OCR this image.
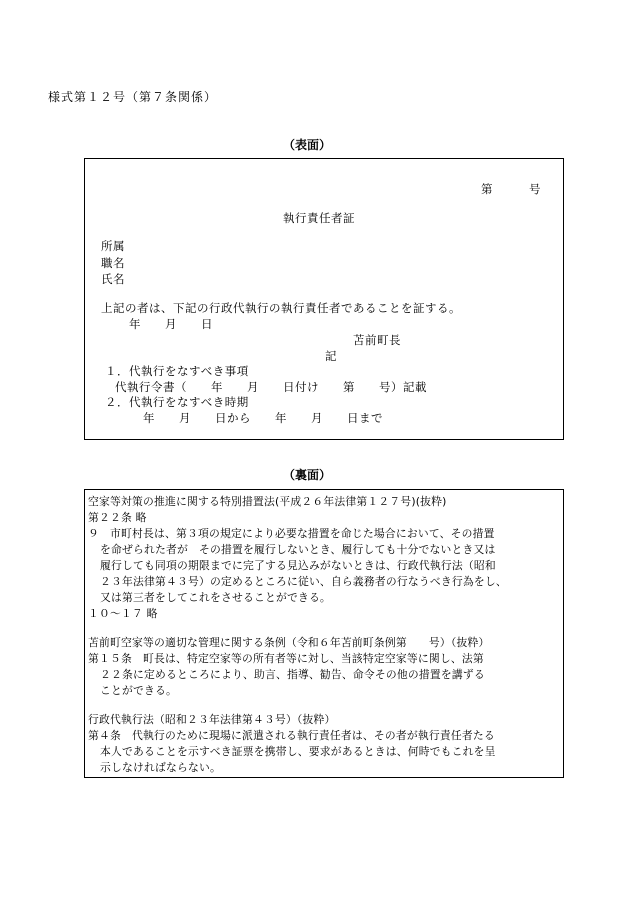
様式第１２号（第７条関係）
（表面）
第　　　号
執行責任者証
所属
職名
氏名
上記の者は、下記の行政代執行の執行責任者であることを証する。
年　　月　　日
苫前町長
記
１．代執行をなすべき事項
代執行令書（　　年　　月　　日付け　　第　　号）記載
２．代執行をなすべき時期
年　　月　　日から　　年　　月　　日まで
（裏面）
空家等対策の推進に関する特別措置法(平成２６年法律第１２７号)(抜粋)
第２２条 略
９　市町村長は、第３項の規定により必要な措置を命じた場合において、その措置
を命ぜられた者が　その措置を履行しないとき、履行しても十分でないとき又は
履行しても同項の期限までに完了する見込みがないときは、行政代執行法（昭和
２３年法律第４３号）の定めるところに従い、自ら義務者の行なうべき行為をし、
又は第三者をしてこれをさせることができる。
１０～１７ 略
苫前町空家等の適切な管理に関する条例（令和６年苫前町条例第　　号）（抜粋）
第１５条　町長は、特定空家等の所有者等に対し、当該特定空家等に関し、法第
２２条に定めるところにより、助言、指導、勧告、命令その他の措置を講ずる
ことができる。
行政代執行法（昭和２３年法律第４３号）（抜粋）
第４条　代執行のために現場に派遣される執行責任者は、その者が執行責任者たる
本人であることを示すべき証票を携帯し、要求があるときは、何時でもこれを呈
示しなければならない。
